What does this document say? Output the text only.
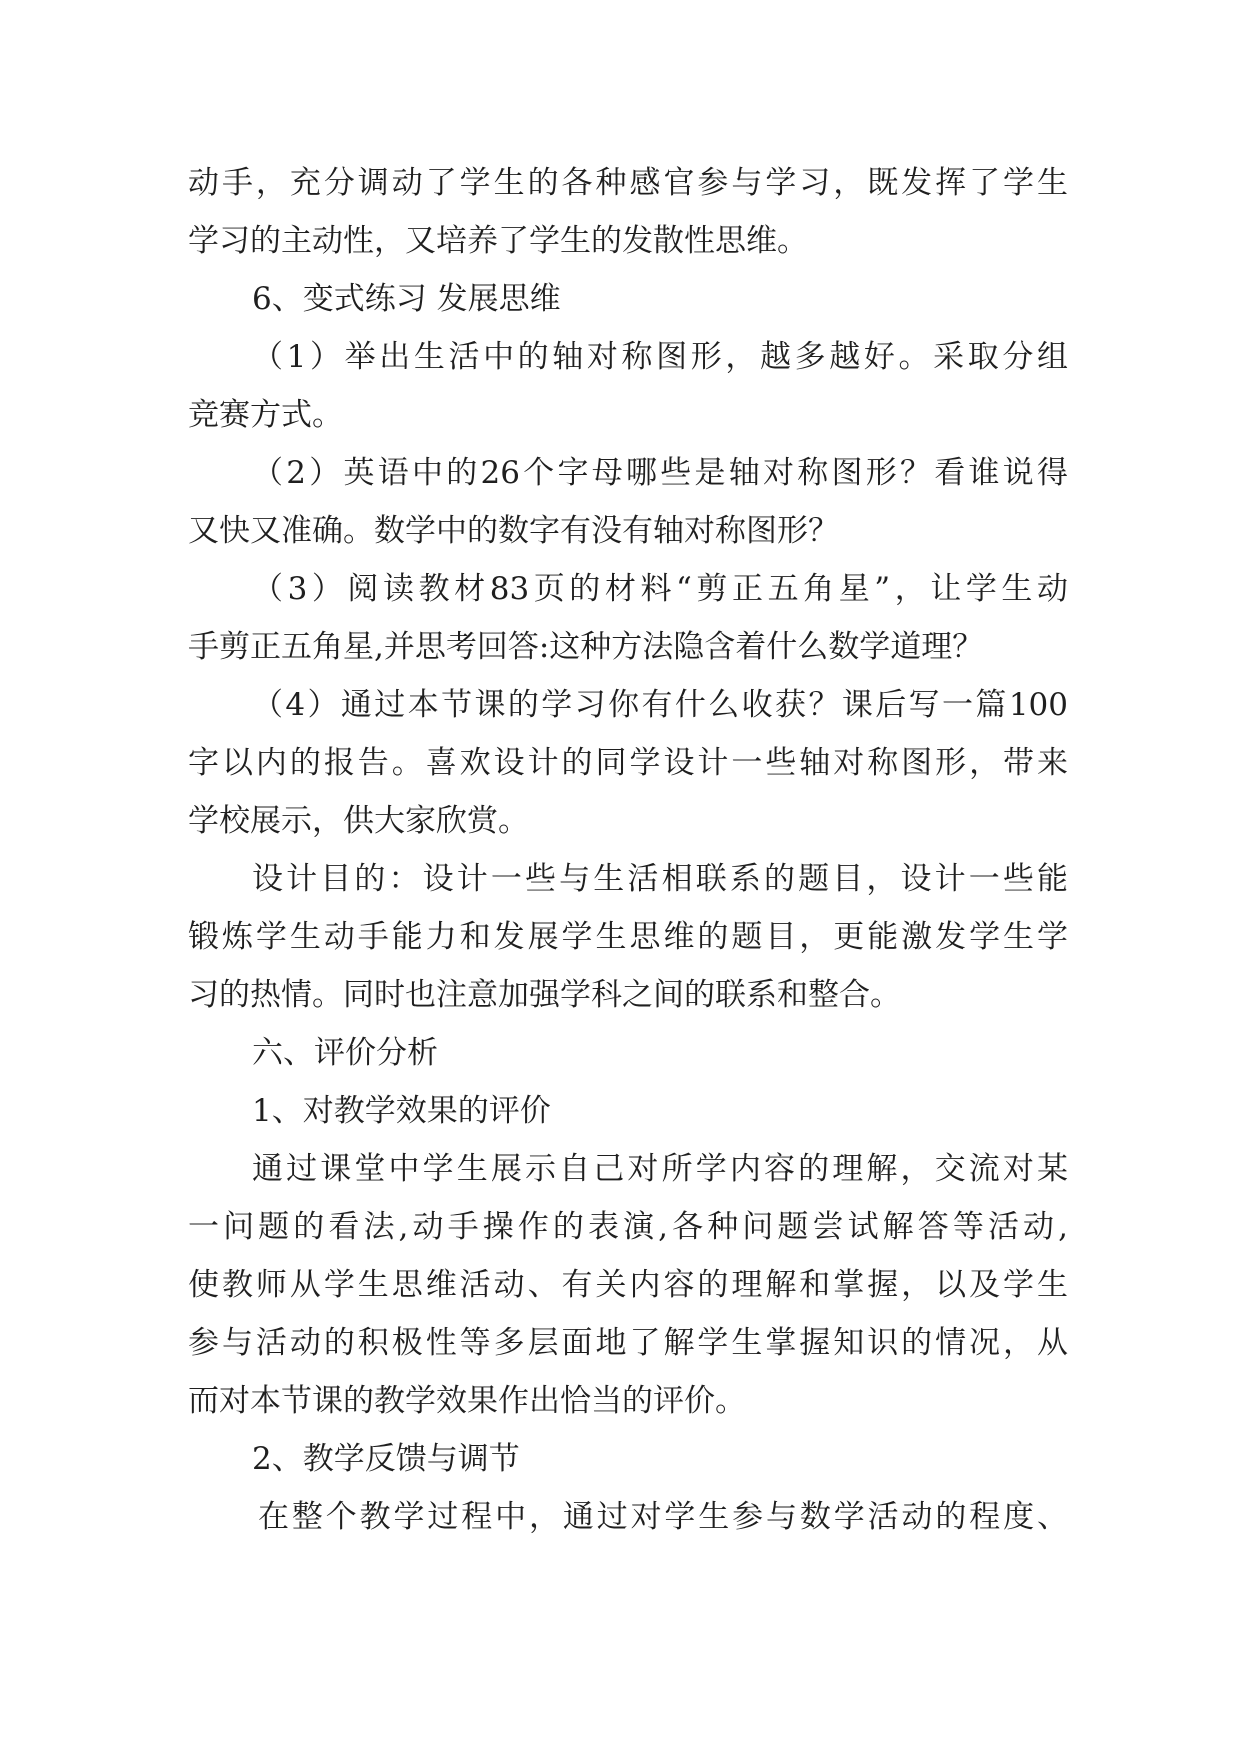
动手，充分调动了学生的各种感官参与学习，既发挥了学生
学习的主动性，又培养了学生的发散性思维。
6、变式练习 发展思维
（1）举出生活中的轴对称图形，越多越好。采取分组
竞赛方式。
（2）英语中的26个字母哪些是轴对称图形？看谁说得
又快又准确。数学中的数字有没有轴对称图形？
（3）阅读教材83页的材料“剪正五角星”，让学生动
手剪正五角星,并思考回答:这种方法隐含着什么数学道理？
（4）通过本节课的学习你有什么收获？课后写一篇100
字以内的报告。喜欢设计的同学设计一些轴对称图形，带来
学校展示，供大家欣赏。
设计目的：设计一些与生活相联系的题目，设计一些能
锻炼学生动手能力和发展学生思维的题目，更能激发学生学
习的热情。同时也注意加强学科之间的联系和整合。
六、评价分析
1、对教学效果的评价
通过课堂中学生展示自己对所学内容的理解，交流对某
一问题的看法,动手操作的表演,各种问题尝试解答等活动,
使教师从学生思维活动、有关内容的理解和掌握，以及学生
参与活动的积极性等多层面地了解学生掌握知识的情况，从
而对本节课的教学效果作出恰当的评价。
2、教学反馈与调节
在整个教学过程中，通过对学生参与数学活动的程度、
